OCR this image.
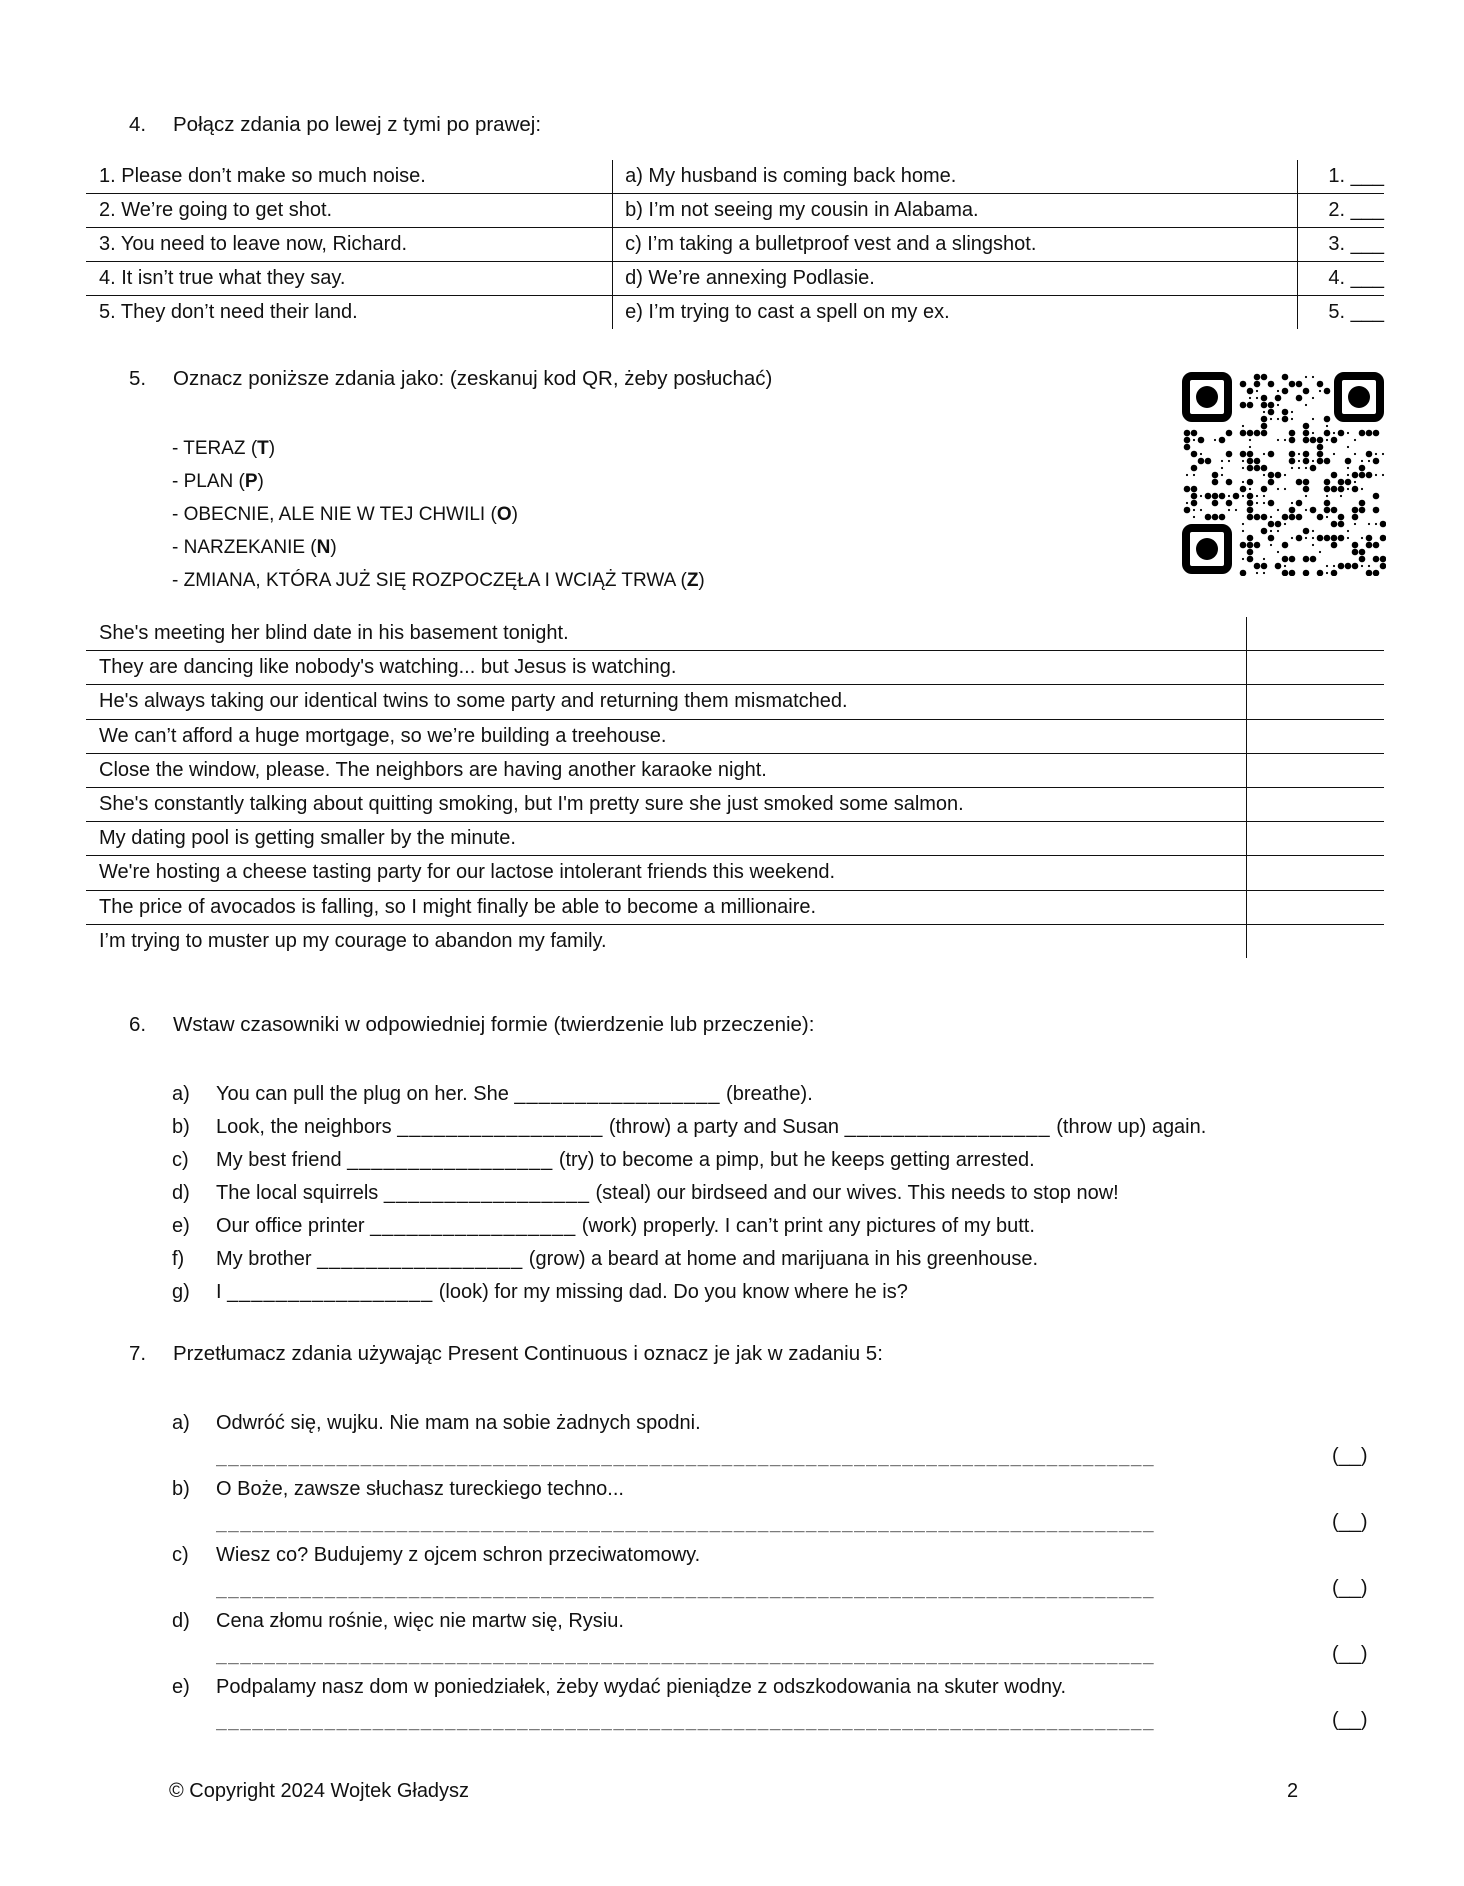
4. Połącz zdania po lewej z tymi po prawej:
1. Please don’t make so much noise.	a) My husband is coming back home.	1. ___
2. We’re going to get shot.	b) I’m not seeing my cousin in Alabama.	2. ___
3. You need to leave now, Richard.	c) I’m taking a bulletproof vest and a slingshot.	3. ___
4. It isn’t true what they say.	d) We’re annexing Podlasie.	4. ___
5. They don’t need their land.	e) I’m trying to cast a spell on my ex.	5. ___
5. Oznacz poniższe zdania jako: (zeskanuj kod QR, żeby posłuchać)
- TERAZ (T)
- PLAN (P)
- OBECNIE, ALE NIE W TEJ CHWILI (O)
- NARZEKANIE (N)
- ZMIANA, KTÓRA JUŻ SIĘ ROZPOCZĘŁA I WCIĄŻ TRWA (Z)
She's meeting her blind date in his basement tonight.	
They are dancing like nobody's watching... but Jesus is watching.	
He's always taking our identical twins to some party and returning them mismatched.	
We can’t afford a huge mortgage, so we’re building a treehouse.	
Close the window, please. The neighbors are having another karaoke night.	
She's constantly talking about quitting smoking, but I'm pretty sure she just smoked some salmon.	
My dating pool is getting smaller by the minute.	
We're hosting a cheese tasting party for our lactose intolerant friends this weekend.	
The price of avocados is falling, so I might finally be able to become a millionaire.	
I’m trying to muster up my courage to abandon my family.	
6. Wstaw czasowniki w odpowiedniej formie (twierdzenie lub przeczenie):
a) You can pull the plug on her. She _________________ (breathe).
b) Look, the neighbors _________________ (throw) a party and Susan _________________ (throw up) again.
c) My best friend _________________ (try) to become a pimp, but he keeps getting arrested.
d) The local squirrels _________________ (steal) our birdseed and our wives. This needs to stop now!
e) Our office printer _________________ (work) properly. I can’t print any pictures of my butt.
f) My brother _________________ (grow) a beard at home and marijuana in his greenhouse.
g) I _________________ (look) for my missing dad. Do you know where he is?
7. Przetłumacz zdania używając Present Continuous i oznacz je jak w zadaniu 5:
a) Odwróć się, wujku. Nie mam na sobie żadnych spodni.
______________________________________________________________________________	(__)
b) O Boże, zawsze słuchasz tureckiego techno...
______________________________________________________________________________	(__)
c) Wiesz co? Budujemy z ojcem schron przeciwatomowy.
______________________________________________________________________________	(__)
d) Cena złomu rośnie, więc nie martw się, Rysiu.
______________________________________________________________________________	(__)
e) Podpalamy nasz dom w poniedziałek, żeby wydać pieniądze z odszkodowania na skuter wodny.
______________________________________________________________________________	(__)
© Copyright 2024 Wojtek Gładysz	2
